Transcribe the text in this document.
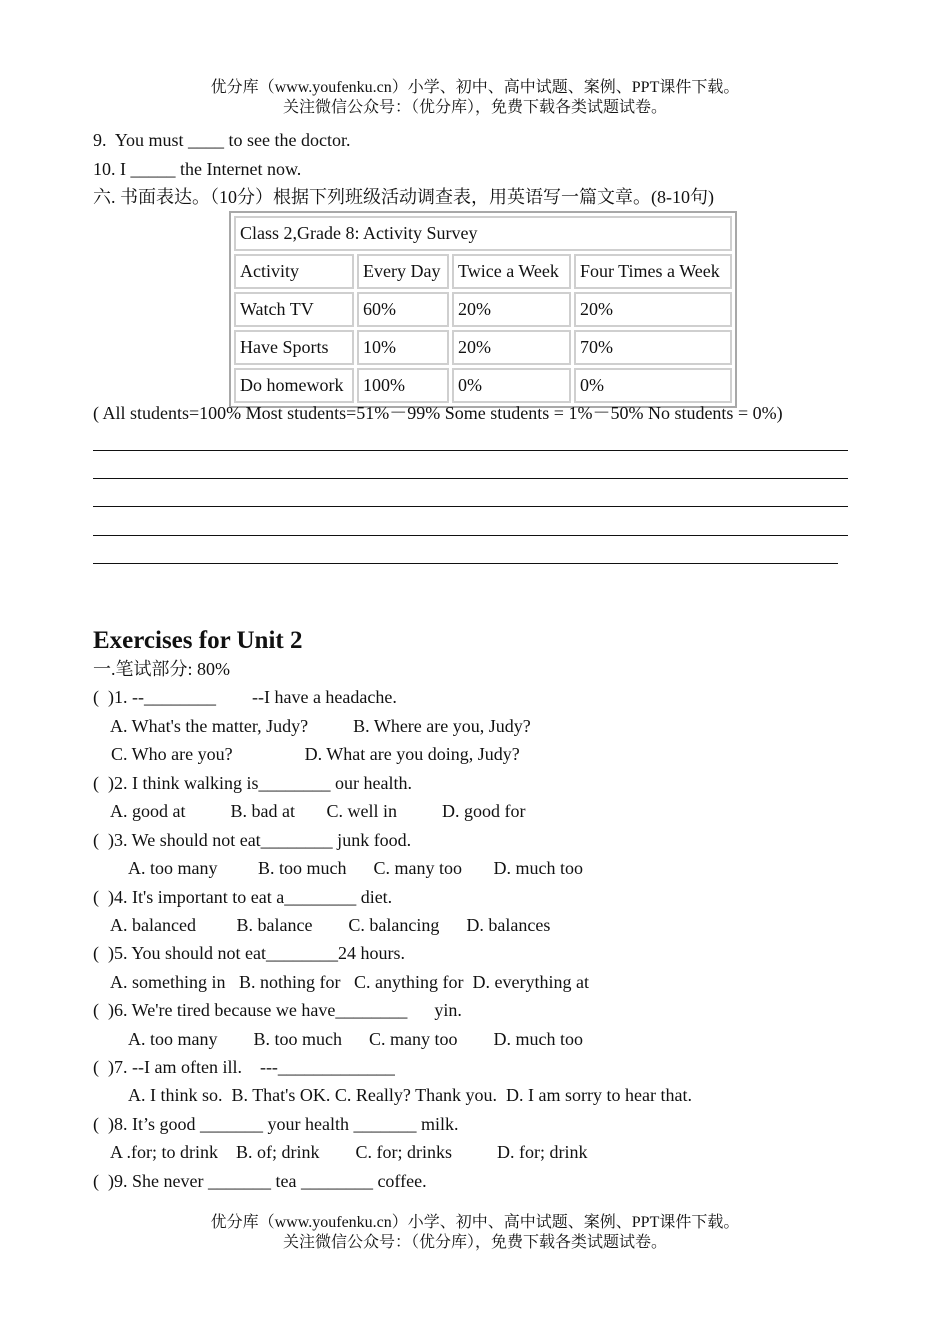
优分库（www.youfenku.cn）小学、初中、高中试题、案例、PPT课件下载。
关注微信公众号：（优分库），免费下载各类试题试卷。
9.  You must ____ to see the doctor.
10. I _____ the Internet now.
六. 书面表达。（10分）根据下列班级活动调查表，用英语写一篇文章。(8-10句)
Class 2,Grade 8: Activity Survey			
Activity	Every Day	Twice a Week	Four Times a Week
Watch TV	60%	20%	20%
Have Sports	10%	20%	70%
Do homework	100%	0%	0%
( All students=100% Most students=51%－99% Some students = 1%－50% No students = 0%)
Exercises for Unit 2
一.笔试部分: 80%
(  )1. --________        --I have a headache.
A. What's the matter, Judy?          B. Where are you, Judy?
C. Who are you?                D. What are you doing, Judy?
(  )2. I think walking is________ our health.
A. good at          B. bad at       C. well in          D. good for
(  )3. We should not eat________ junk food.
A. too many         B. too much      C. many too       D. much too
(  )4. It's important to eat a________ diet.
A. balanced         B. balance        C. balancing      D. balances
(  )5. You should not eat________24 hours.
A. something in   B. nothing for   C. anything for  D. everything at
(  )6. We're tired because we have________      yin.
A. too many        B. too much      C. many too        D. much too
(  )7. --I am often ill.    ---_____________
A. I think so.  B. That's OK. C. Really? Thank you.  D. I am sorry to hear that.
(  )8. It’s good _______ your health _______ milk.
A .for; to drink    B. of; drink        C. for; drinks          D. for; drink
(  )9. She never _______ tea ________ coffee.
优分库（www.youfenku.cn）小学、初中、高中试题、案例、PPT课件下载。
关注微信公众号：（优分库），免费下载各类试题试卷。
